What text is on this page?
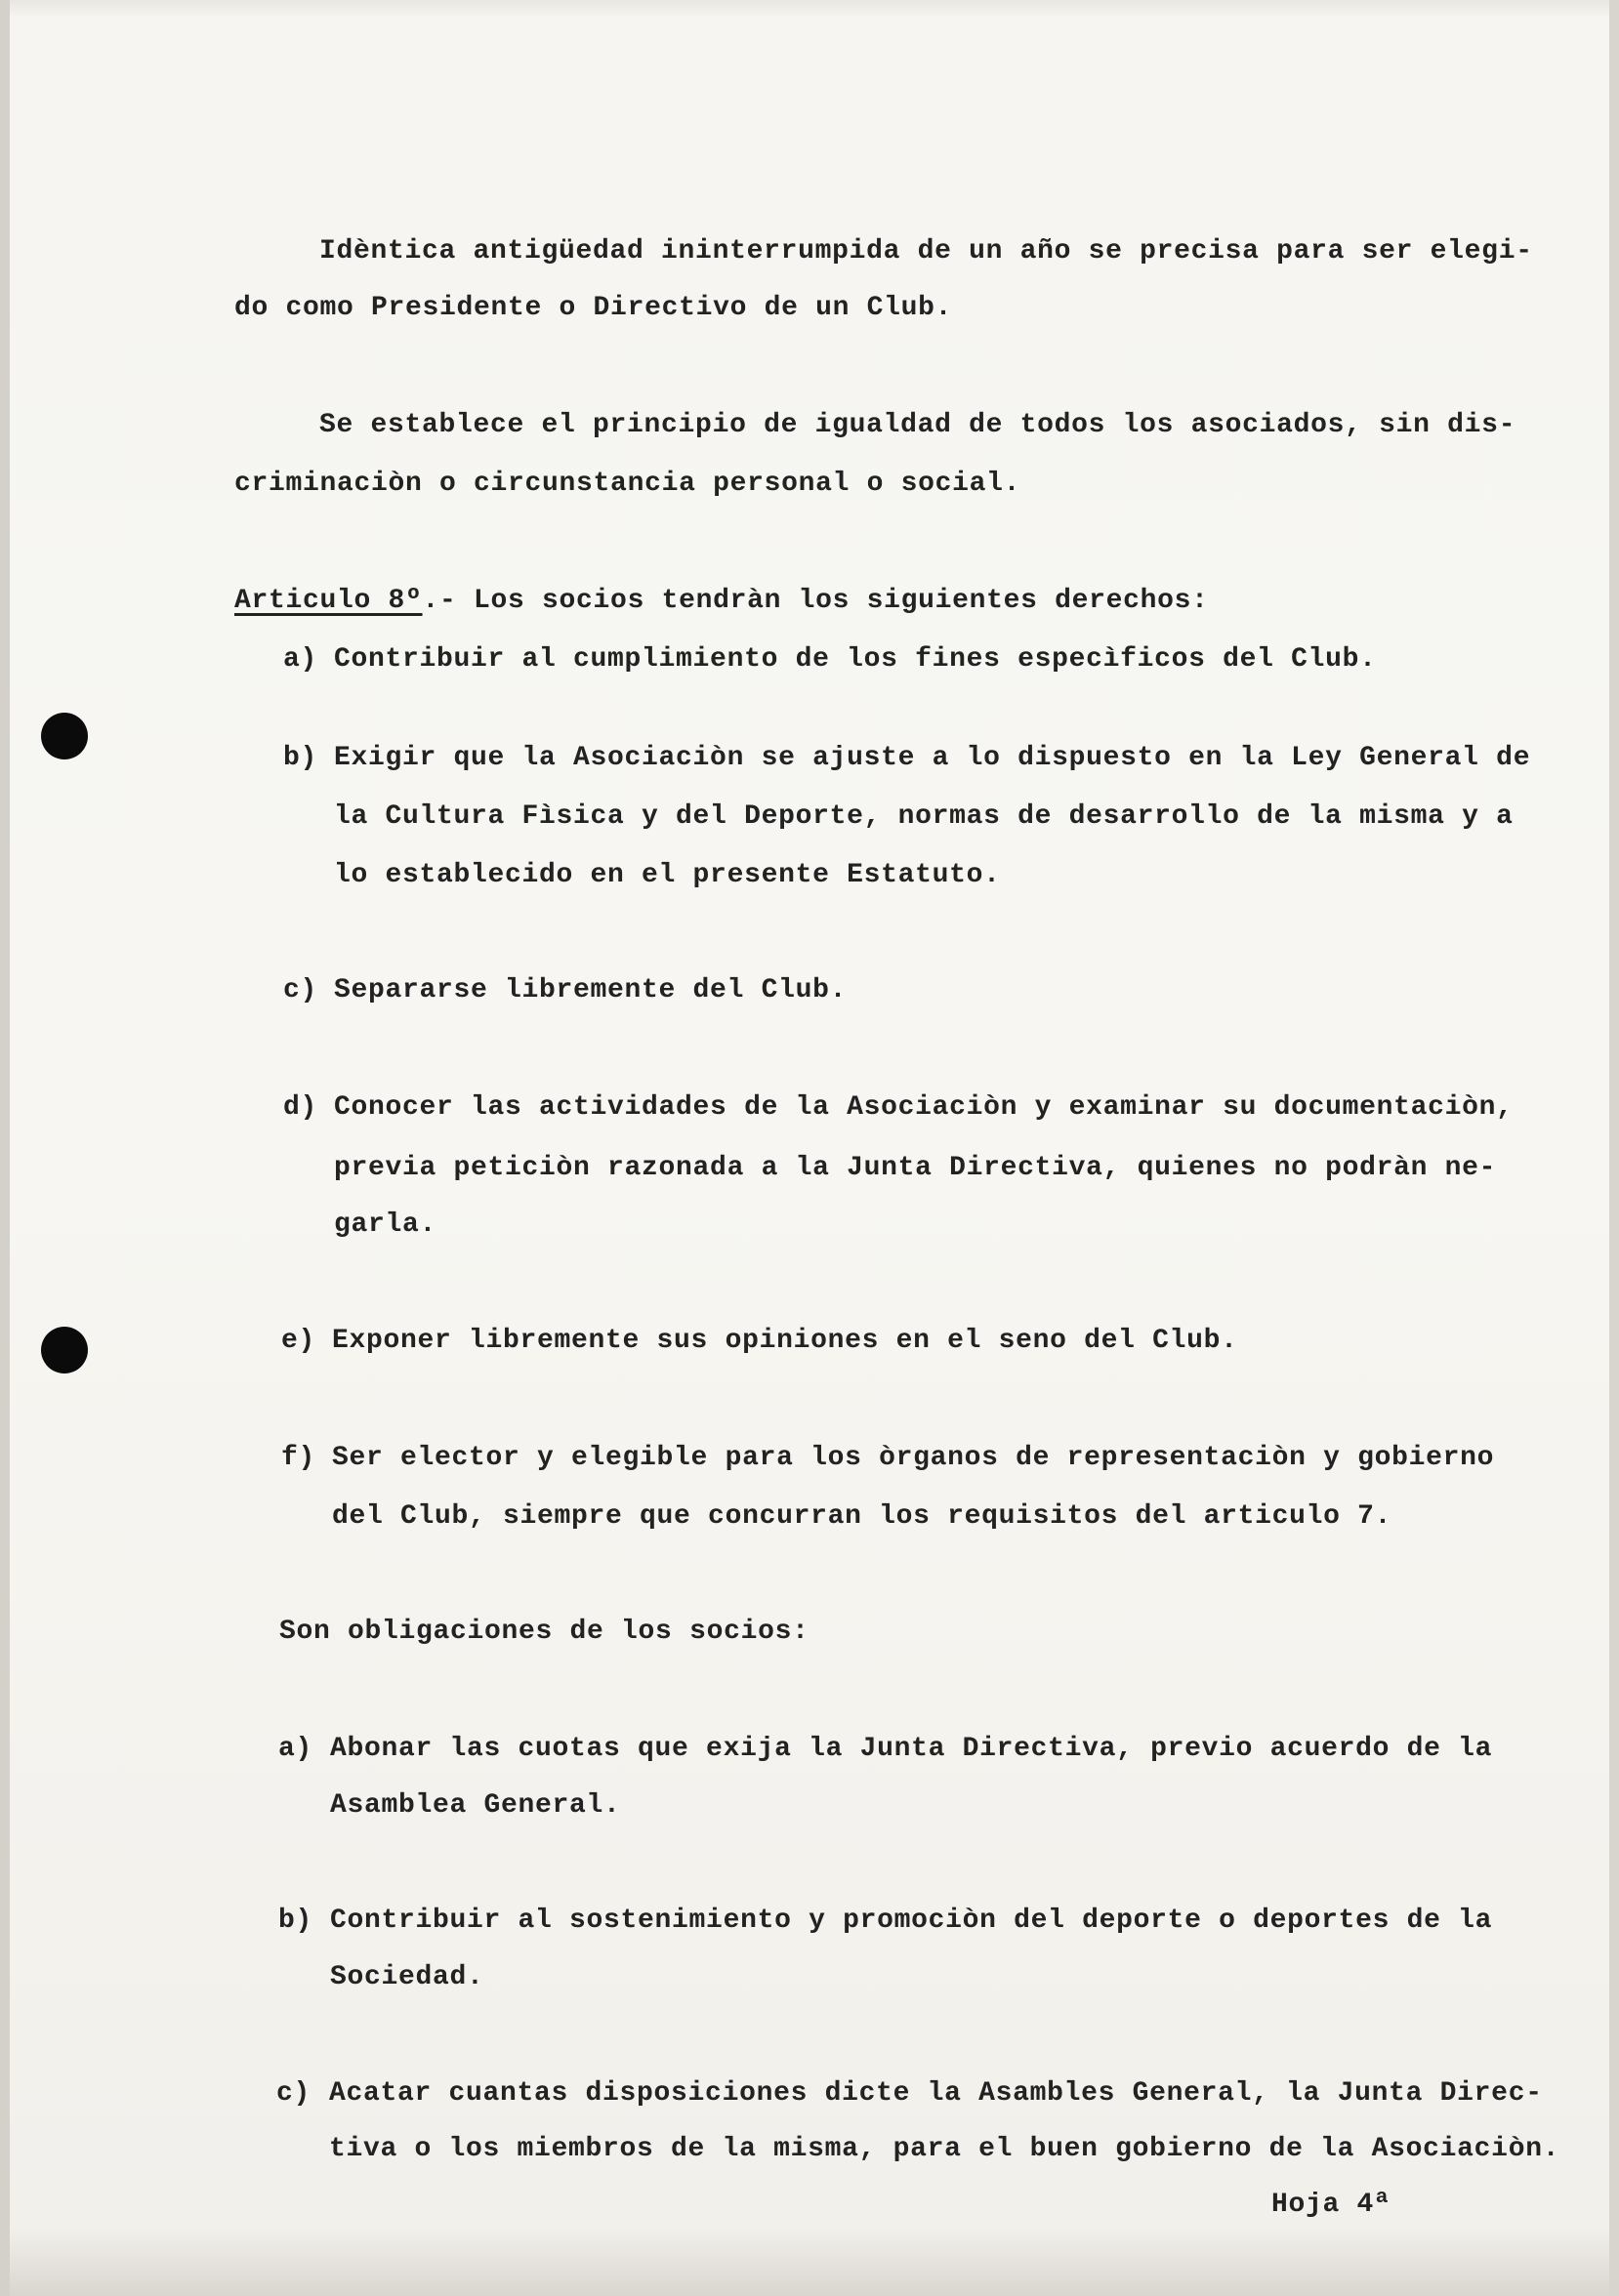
Idèntica antigüedad ininterrumpida de un año se precisa para ser elegi-
do como Presidente o Directivo de un Club.
Se establece el principio de igualdad de todos los asociados, sin dis-
criminaciòn o circunstancia personal o social.
Articulo 8º.- Los socios tendràn los siguientes derechos:
a) Contribuir al cumplimiento de los fines especìficos del Club.
b) Exigir que la Asociaciòn se ajuste a lo dispuesto en la Ley General de
la Cultura Fìsica y del Deporte, normas de desarrollo de la misma y a
lo establecido en el presente Estatuto.
c) Separarse libremente del Club.
d) Conocer las actividades de la Asociaciòn y examinar su documentaciòn,
previa peticiòn razonada a la Junta Directiva, quienes no podràn ne-
garla.
e) Exponer libremente sus opiniones en el seno del Club.
f) Ser elector y elegible para los òrganos de representaciòn y gobierno
del Club, siempre que concurran los requisitos del articulo 7.
Son obligaciones de los socios:
a) Abonar las cuotas que exija la Junta Directiva, previo acuerdo de la
Asamblea General.
b) Contribuir al sostenimiento y promociòn del deporte o deportes de la
Sociedad.
c) Acatar cuantas disposiciones dicte la Asambles General, la Junta Direc-
tiva o los miembros de la misma, para el buen gobierno de la Asociaciòn.
Hoja 4ª
